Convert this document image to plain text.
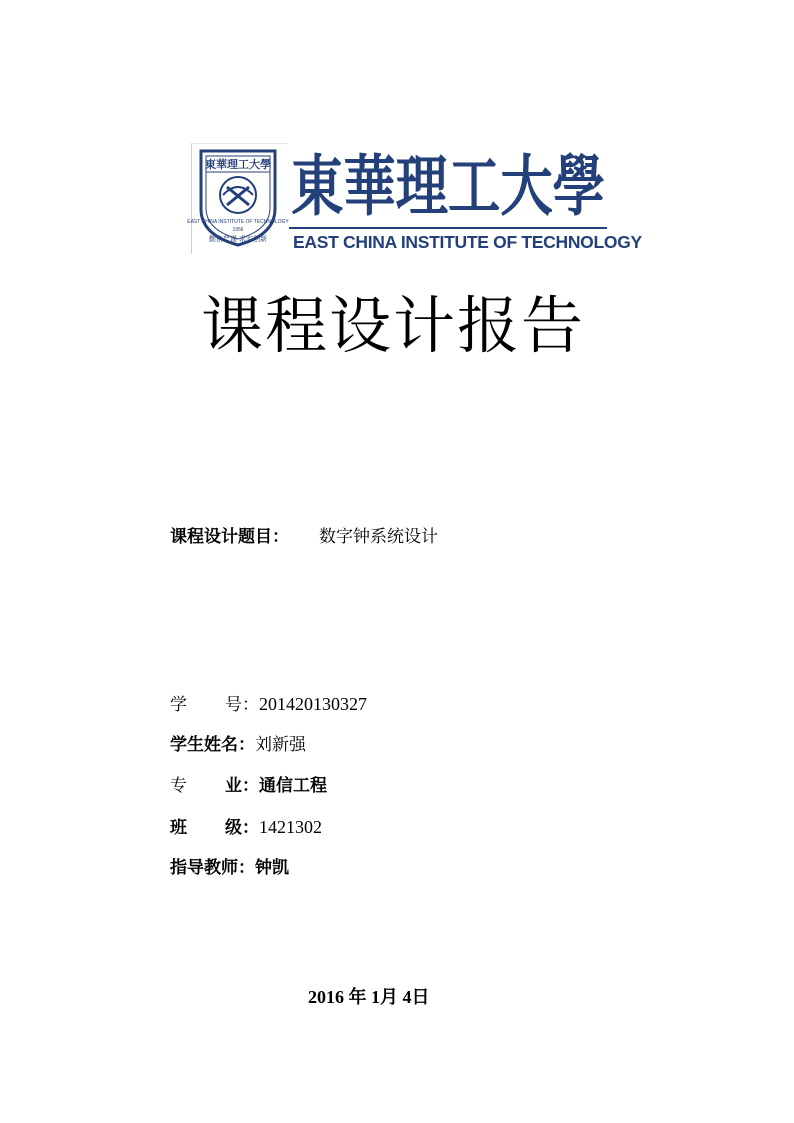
東華理工大學
EAST CHINA INSTITUTE OF TECHNOLOGY
1956
勤奋严谨 求实创新
東華理工大學
EAST CHINA INSTITUTE OF TECHNOLOGY
课程设计报告
课程设计题目： 数字钟系统设计
学 号：201420130327
学生姓名：刘新强
专 业：通信工程
班 级：1421302
指导教师：钟凯
2016 年 1月 4日
